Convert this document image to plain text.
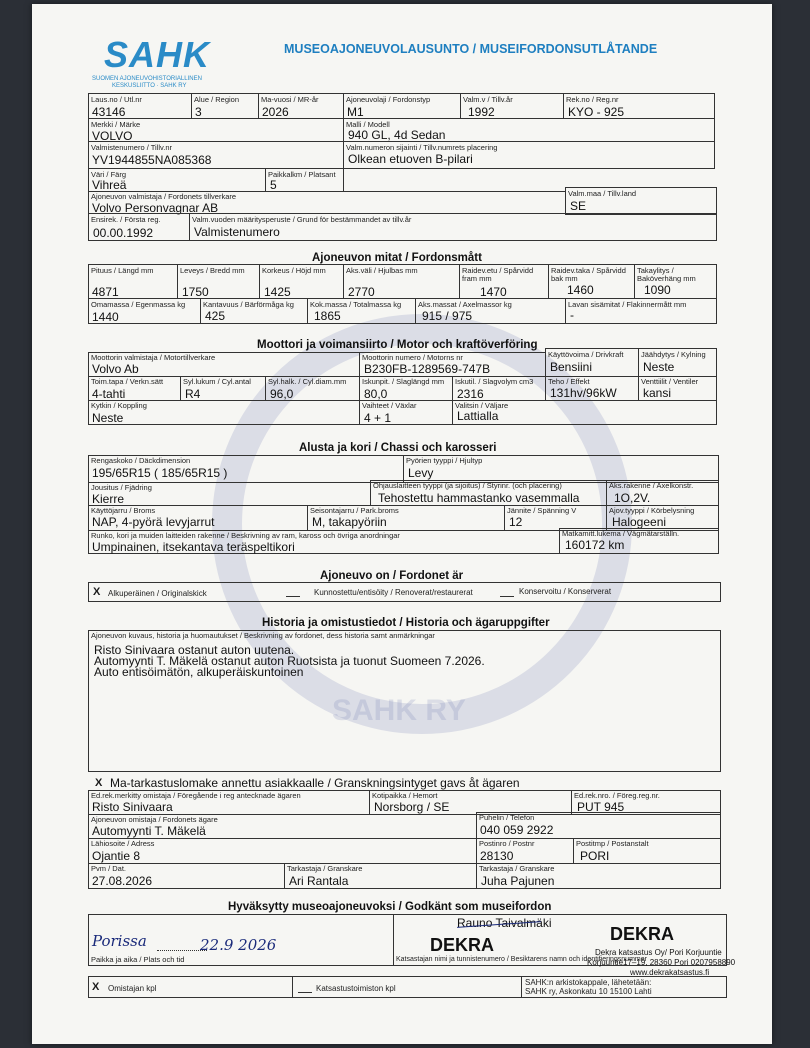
SAHK RY
SAHK
SUOMEN AJONEUVOHISTORIALLINEN
KESKUSLIITTO · SAHK RY
MUSEOAJONEUVOLAUSUNTO / MUSEIFORDONSUTLÅTANDE
Laus.no / Utl.nr
43146
Alue / Region
3
Ma-vuosi / MR-år
2026
Ajoneuvolaji / Fordonstyp
M1
Valm.v / Tillv.år
1992
Rek.no / Reg.nr
KYO - 925
Merkki / Märke
VOLVO
Malli / Modell
940 GL, 4d Sedan
Valmistenumero / Tillv.nr
YV1944855NA085368
Valm.numeron sijainti / Tillv.numrets placering
Olkean etuoven B-pilari
Väri / Färg
Vihreä
Paikkalkm / Platsant
5
Ajoneuvon valmistaja / Fordonets tillverkare
Volvo Personvagnar AB
Valm.maa / Tillv.land
SE
Ensirek. / Första reg.
00.00.1992
Valm.vuoden määritysperuste / Grund för bestämmandet av tillv.år
Valmistenumero
Ajoneuvon mitat / Fordonsmått
Pituus / Längd mm
4871
Leveys / Bredd mm
1750
Korkeus / Höjd mm
1425
Aks.väli / Hjulbas mm
2770
Raidev.etu / Spårvidd
fram mm
1470
Raidev.taka / Spårvidd
bak mm
1460
Takaylitys /
Baköverhäng mm
1090
Omamassa / Egenmassa kg
1440
Kantavuus / Bärförmåga kg
425
Kok.massa / Totalmassa kg
1865
Aks.massat / Axelmassor kg
915 / 975
Lavan sisämitat / Flakinnermått mm
-
Moottori ja voimansiirto / Motor och kraftöverföring
Moottorin valmistaja / Motortillverkare
Volvo Ab
Moottorin numero / Motorns nr
B230FB-1289569-747B
Käyttövoima / Drivkraft
Bensiini
Jäähdytys / Kylning
Neste
Toim.tapa / Verkn.sätt
4-tahti
Syl.lukum / Cyl.antal
R4
Syl.halk. / Cyl.diam.mm
96,0
Iskunpit. / Slaglängd mm
80,0
Iskutil. / Slagvolym cm3
2316
Teho / Effekt
131hv/96kW
Venttiilit / Ventiler
kansi
Kytkin / Koppling
Neste
Vaihteet / Växlar
4 + 1
Valitsin / Väljare
Lattialla
Alusta ja kori / Chassi och karosseri
Rengaskoko / Däckdimension
195/65R15 ( 185/65R15 )
Pyörien tyyppi / Hjultyp
Levy
Jousitus / Fjädring
Kierre
Ohjauslaitteen tyyppi (ja sijoitus) / Styrinr. (och placering)
Tehostettu hammastanko vasemmalla
Aks.rakenne / Axelkonstr.
1O,2V.
Käyttöjarru / Broms
NAP, 4-pyörä levyjarrut
Seisontajarru / Park.broms
M, takapyöriin
Jännite / Spänning V
12
Ajov.tyyppi / Körbelysning
Halogeeni
Runko, kori ja muiden laitteiden rakenne / Beskrivning av ram, kaross och övriga anordningar
Umpinainen, itsekantava teräspeltikori
Matkamitt.lukema / Vägmätarställn.
160172 km
Ajoneuvo on / Fordonet är
X Alkuperäinen / Originalskick	Kunnostettu/entisöity / Renoverat/restaurerat	Konservoitu / Konserverat
Historia ja omistustiedot / Historia och ägaruppgifter
Ajoneuvon kuvaus, historia ja huomautukset / Beskrivning av fordonet, dess historia samt anmärkningar
Risto Sinivaara ostanut auton uutena.
Automyynti T. Mäkelä ostanut auton Ruotsista ja tuonut Suomeen 7.2026.
Auto entisöimätön, alkuperäiskuntoinen
X Ma-tarkastuslomake annettu asiakkaalle / Granskningsintyget gavs åt ägaren
Ed.rek.merkitty omistaja / Föregående i reg antecknade ägaren
Risto Sinivaara
Kotipaikka / Hemort
Norsborg / SE
Ed.rek.nro. / Föreg.reg.nr.
PUT 945
Ajoneuvon omistaja / Fordonets ägare
Automyynti T. Mäkelä
Puhelin / Telefon
040 059 2922
Lähiosoite / Adress
Ojantie 8
Postinro / Postnr
28130
Postitmp / Postanstalt
PORI
Pvm / Dat.
27.08.2026
Tarkastaja / Granskare
Ari Rantala
Tarkastaja / Granskare
Juha Pajunen
Hyväksytty museoajoneuvoksi / Godkänt som museifordon
Porissa	22.9 2026
Paikka ja aika / Plats och tid
Rauno Taivalmäki
DEKRA
DEKRA
Katsastajan nimi ja tunnistenumero / Besiktarens namn och identifieringsnummer
Dekra katsastus Oy/ Pori Korjuuntie
Korjuuntie17–19, 28360 Pori 0207958890
www.dekrakatsastus.fi
X Omistajan kpl	Katsastustoimiston kpl
SAHK:n arkistokappale, lähetetään:
SAHK ry, Askonkatu 10 15100 Lahti
